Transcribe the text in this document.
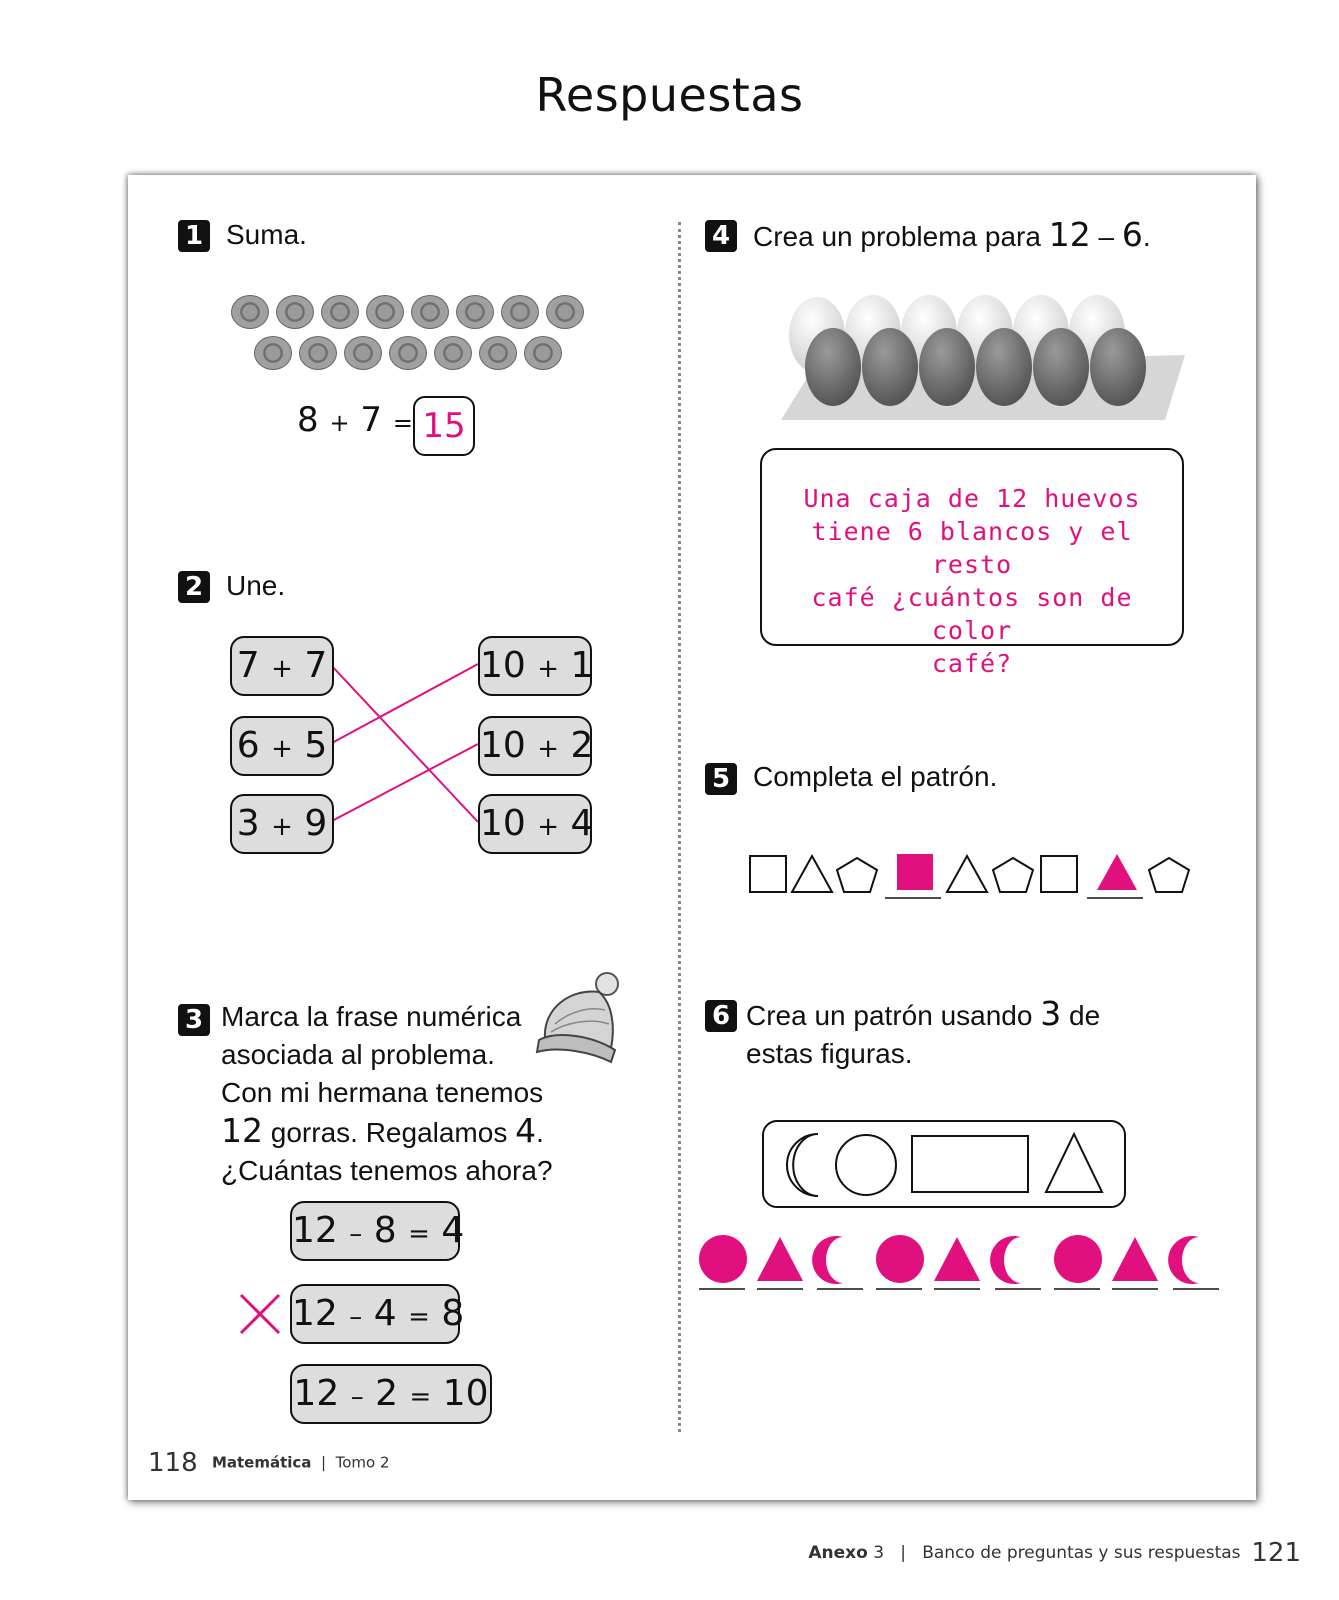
Respuestas
1 Suma.
8 + 7 = 15
2 Une.
7 + 7
6 + 5
3 + 9
10 + 1
10 + 2
10 + 4
3 Marca la frase numérica
asociada al problema.
Con mi hermana tenemos
12 gorras. Regalamos 4.
¿Cuántas tenemos ahora?
12 – 8 = 4
12 – 4 = 8
12 – 2 = 10
4 Crea un problema para 12 – 6.
Una caja de 12 huevos
tiene 6 blancos y el resto
café ¿cuántos son de color
café?
5 Completa el patrón.
6 Crea un patrón usando 3 de
estas figuras.
118 Matemática | Tomo 2
Anexo 3 | Banco de preguntas y sus respuestas 121
